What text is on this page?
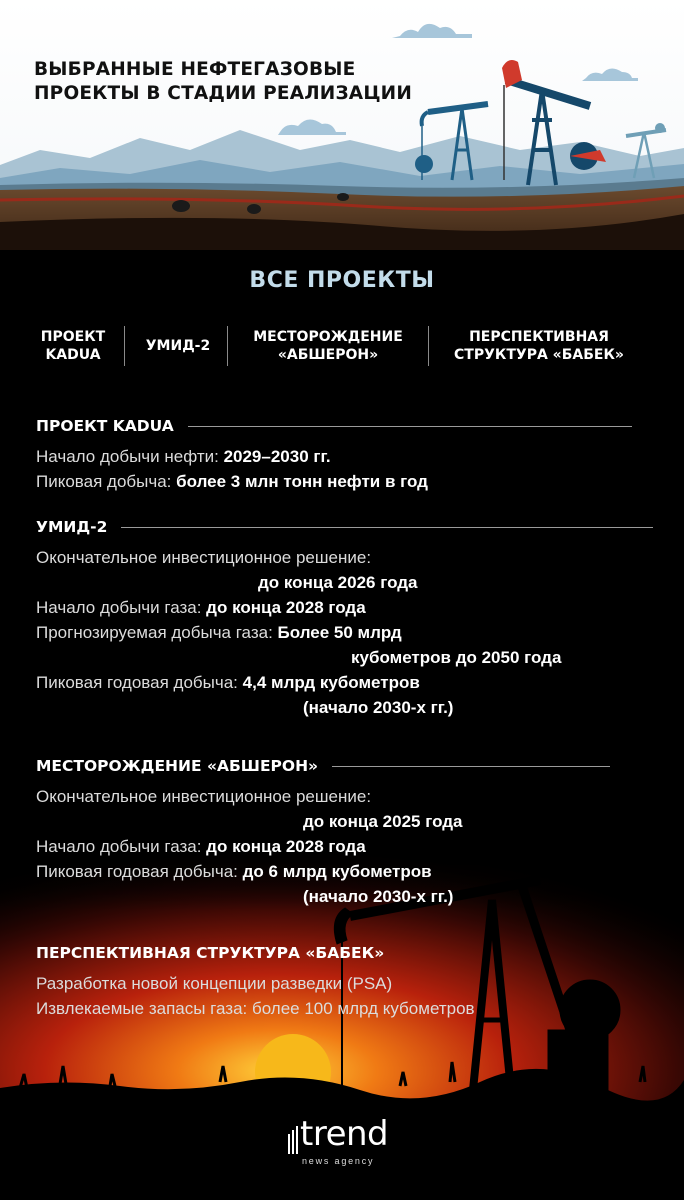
ВЫБРАННЫЕ НЕФТЕГАЗОВЫЕ
ПРОЕКТЫ В СТАДИИ РЕАЛИЗАЦИИ
ВСЕ ПРОЕКТЫ
ПРОЕКТ
KADUA
УМИД-2
МЕСТОРОЖДЕНИЕ
«АБШЕРОН»
ПЕРСПЕКТИВНАЯ
СТРУКТУРА «БАБЕК»
ПРОЕКТ KADUA
Начало добычи нефти: 2029–2030 гг.
Пиковая добыча: более 3 млн тонн нефти в год
УМИД-2
Окончательное инвестиционное решение:
до конца 2026 года
Начало добычи газа: до конца 2028 года
Прогнозируемая добыча газа: Более 50 млрд
кубометров до 2050 года
Пиковая годовая добыча: 4,4 млрд кубометров
(начало 2030-х гг.)
МЕСТОРОЖДЕНИЕ «АБШЕРОН»
Окончательное инвестиционное решение:
до конца 2025 года
Начало добычи газа: до конца 2028 года
Пиковая годовая добыча: до 6 млрд кубометров
(начало 2030-х гг.)
ПЕРСПЕКТИВНАЯ СТРУКТУРА «БАБЕК»
Разработка новой концепции разведки (PSA)
Извлекаемые запасы газа: более 100 млрд кубометров
trend
news agency
